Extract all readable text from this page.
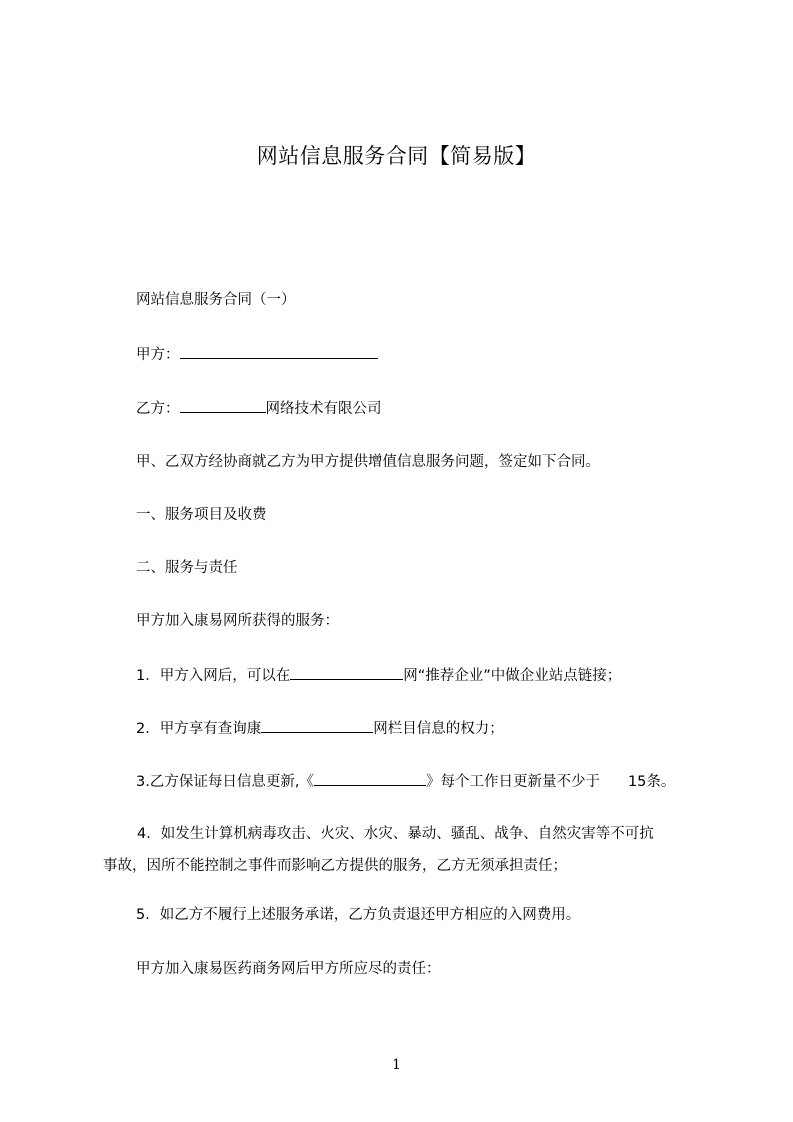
网站信息服务合同【简易版】
网站信息服务合同（一）
甲方：
乙方：	网络技术有限公司
甲、乙双方经协商就乙方为甲方提供增值信息服务问题，签定如下合同。
一、服务项目及收费
二、服务与责任
甲方加入康易网所获得的服务：
1．甲方入网后，可以在	网“推荐企业”中做企业站点链接；
2．甲方享有查询康	网栏目信息的权力；
3.乙方保证每日信息更新,《	》每个工作日更新量不少于 15条。
4．如发生计算机病毒攻击、火灾、水灾、暴动、骚乱、战争、自然灾害等不可抗
事故，因所不能控制之事件而影响乙方提供的服务，乙方无须承担责任；
5．如乙方不履行上述服务承诺，乙方负责退还甲方相应的入网费用。
甲方加入康易医药商务网后甲方所应尽的责任：
1
